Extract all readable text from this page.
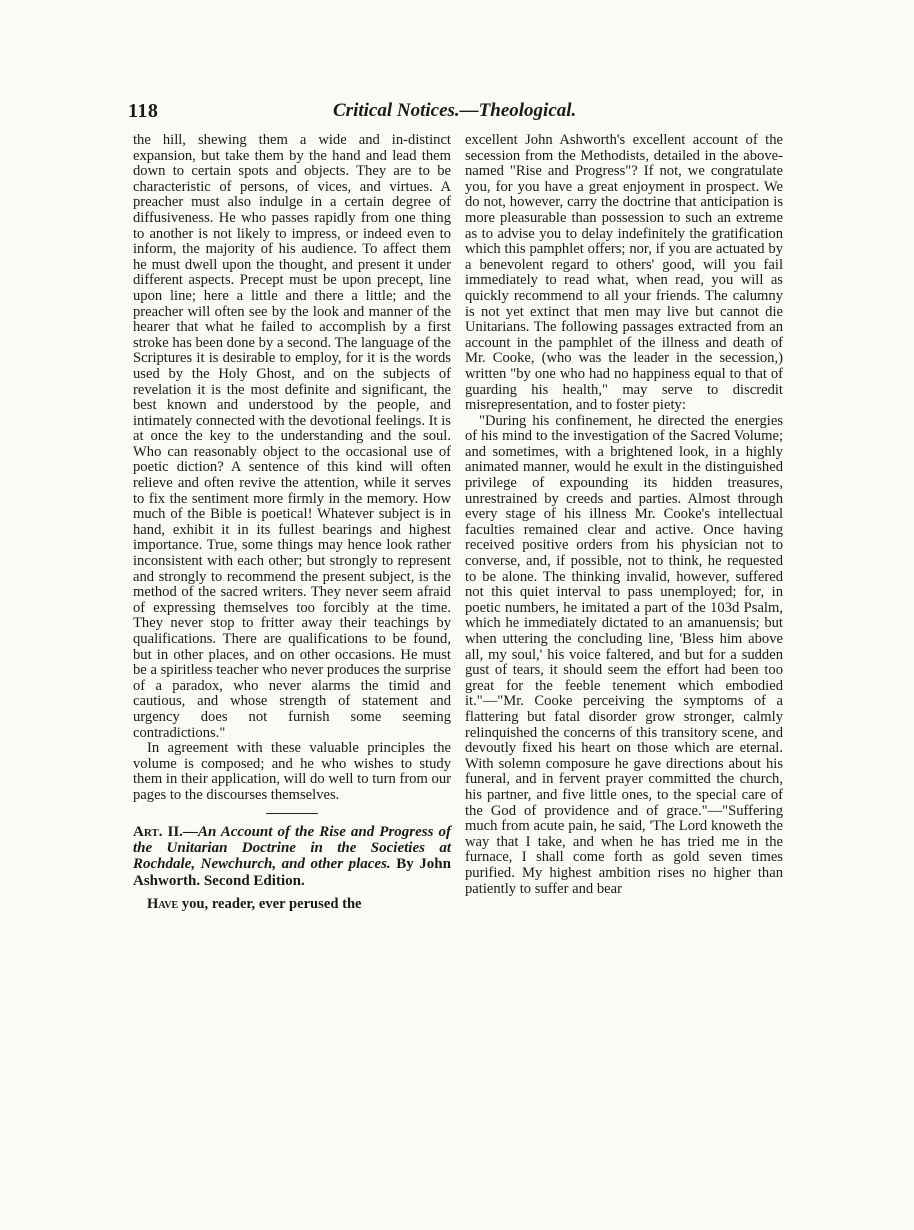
118	Critical Notices.—Theological.

the hill, shewing them a wide and in-distinct expansion, but take them by the hand and lead them down to certain spots and objects. They are to be characteristic of persons, of vices, and virtues. A preacher must also indulge in a certain degree of diffusiveness. He who passes rapidly from one thing to another is not likely to impress, or indeed even to inform, the majority of his audience. To affect them he must dwell upon the thought, and present it under different aspects. Precept must be upon precept, line upon line; here a little and there a little; and the preacher will often see by the look and manner of the hearer that what he failed to accomplish by a first stroke has been done by a second. The language of the Scriptures it is desirable to employ, for it is the words used by the Holy Ghost, and on the subjects of revelation it is the most definite and significant, the best known and understood by the people, and intimately connected with the devotional feelings. It is at once the key to the understanding and the soul. Who can reasonably object to the occasional use of poetic diction? A sentence of this kind will often relieve and often revive the attention, while it serves to fix the sentiment more firmly in the memory. How much of the Bible is poetical! Whatever subject is in hand, exhibit it in its fullest bearings and highest importance. True, some things may hence look rather inconsistent with each other; but strongly to represent and strongly to recommend the present subject, is the method of the sacred writers. They never seem afraid of expressing themselves too forcibly at the time. They never stop to fritter away their teachings by qualifications. There are qualifications to be found, but in other places, and on other occasions. He must be a spiritless teacher who never produces the surprise of a paradox, who never alarms the timid and cautious, and whose strength of statement and urgency does not furnish some seeming contradictions."

In agreement with these valuable principles the volume is composed; and he who wishes to study them in their application, will do well to turn from our pages to the discourses themselves.

Art. II.—An Account of the Rise and Progress of the Unitarian Doctrine in the Societies at Rochdale, Newchurch, and other places. By John Ashworth. Second Edition.

Have you, reader, ever perused the

excellent John Ashworth's excellent account of the secession from the Methodists, detailed in the above-named "Rise and Progress"? If not, we congratulate you, for you have a great enjoyment in prospect. We do not, however, carry the doctrine that anticipation is more pleasurable than possession to such an extreme as to advise you to delay indefinitely the gratification which this pamphlet offers; nor, if you are actuated by a benevolent regard to others' good, will you fail immediately to read what, when read, you will as quickly recommend to all your friends. The calumny is not yet extinct that men may live but cannot die Unitarians. The following passages extracted from an account in the pamphlet of the illness and death of Mr. Cooke, (who was the leader in the secession,) written "by one who had no happiness equal to that of guarding his health," may serve to discredit misrepresentation, and to foster piety:

"During his confinement, he directed the energies of his mind to the investigation of the Sacred Volume; and sometimes, with a brightened look, in a highly animated manner, would he exult in the distinguished privilege of expounding its hidden treasures, unrestrained by creeds and parties. Almost through every stage of his illness Mr. Cooke's intellectual faculties remained clear and active. Once having received positive orders from his physician not to converse, and, if possible, not to think, he requested to be alone. The thinking invalid, however, suffered not this quiet interval to pass unemployed; for, in poetic numbers, he imitated a part of the 103d Psalm, which he immediately dictated to an amanuensis; but when uttering the concluding line, 'Bless him above all, my soul,' his voice faltered, and but for a sudden gust of tears, it should seem the effort had been too great for the feeble tenement which embodied it."—"Mr. Cooke perceiving the symptoms of a flattering but fatal disorder grow stronger, calmly relinquished the concerns of this transitory scene, and devoutly fixed his heart on those which are eternal. With solemn composure he gave directions about his funeral, and in fervent prayer committed the church, his partner, and five little ones, to the special care of the God of providence and of grace."—"Suffering much from acute pain, he said, 'The Lord knoweth the way that I take, and when he has tried me in the furnace, I shall come forth as gold seven times purified. My highest ambition rises no higher than patiently to suffer and bear
